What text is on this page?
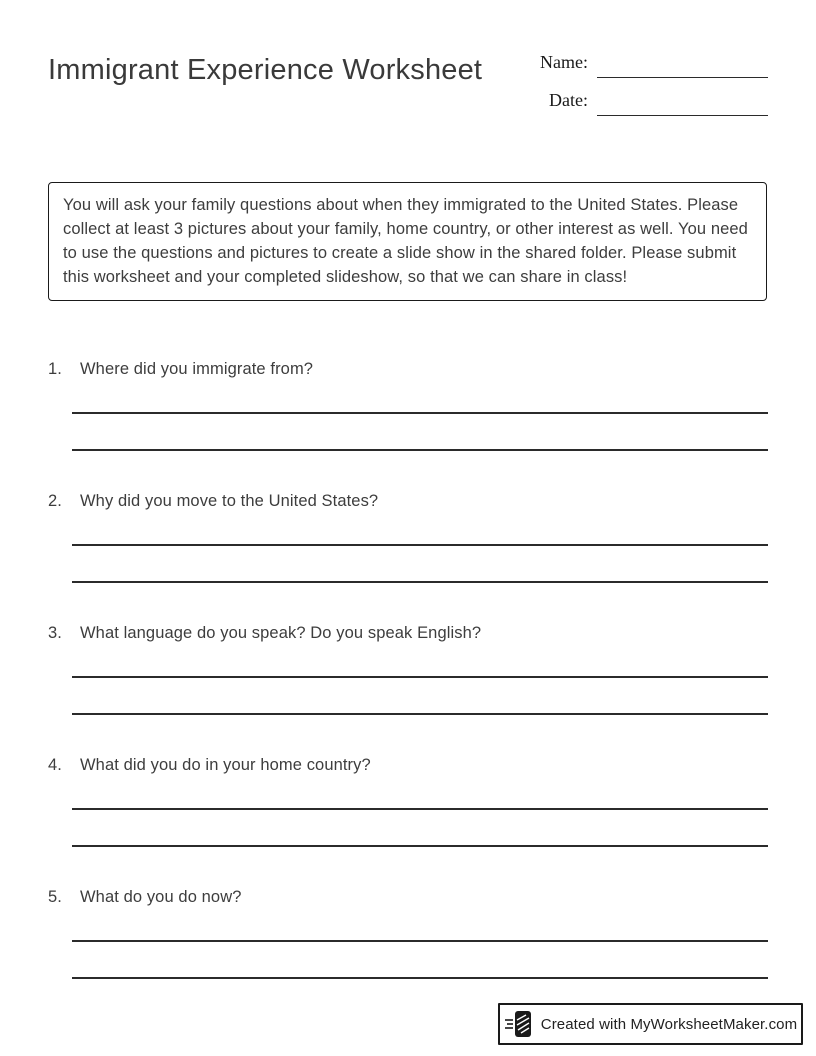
Immigrant Experience Worksheet	Name:
Date:
You will ask your family questions about when they immigrated to the United States. Please collect at least 3 pictures about your family, home country, or other interest as well. You need to use the questions and pictures to create a slide show in the shared folder. Please submit this worksheet and your completed slideshow, so that we can share in class!
1.	Where did you immigrate from?
2.	Why did you move to the United States?
3.	What language do you speak? Do you speak English?
4.	What did you do in your home country?
5.	What do you do now?
Created with MyWorksheetMaker.com
